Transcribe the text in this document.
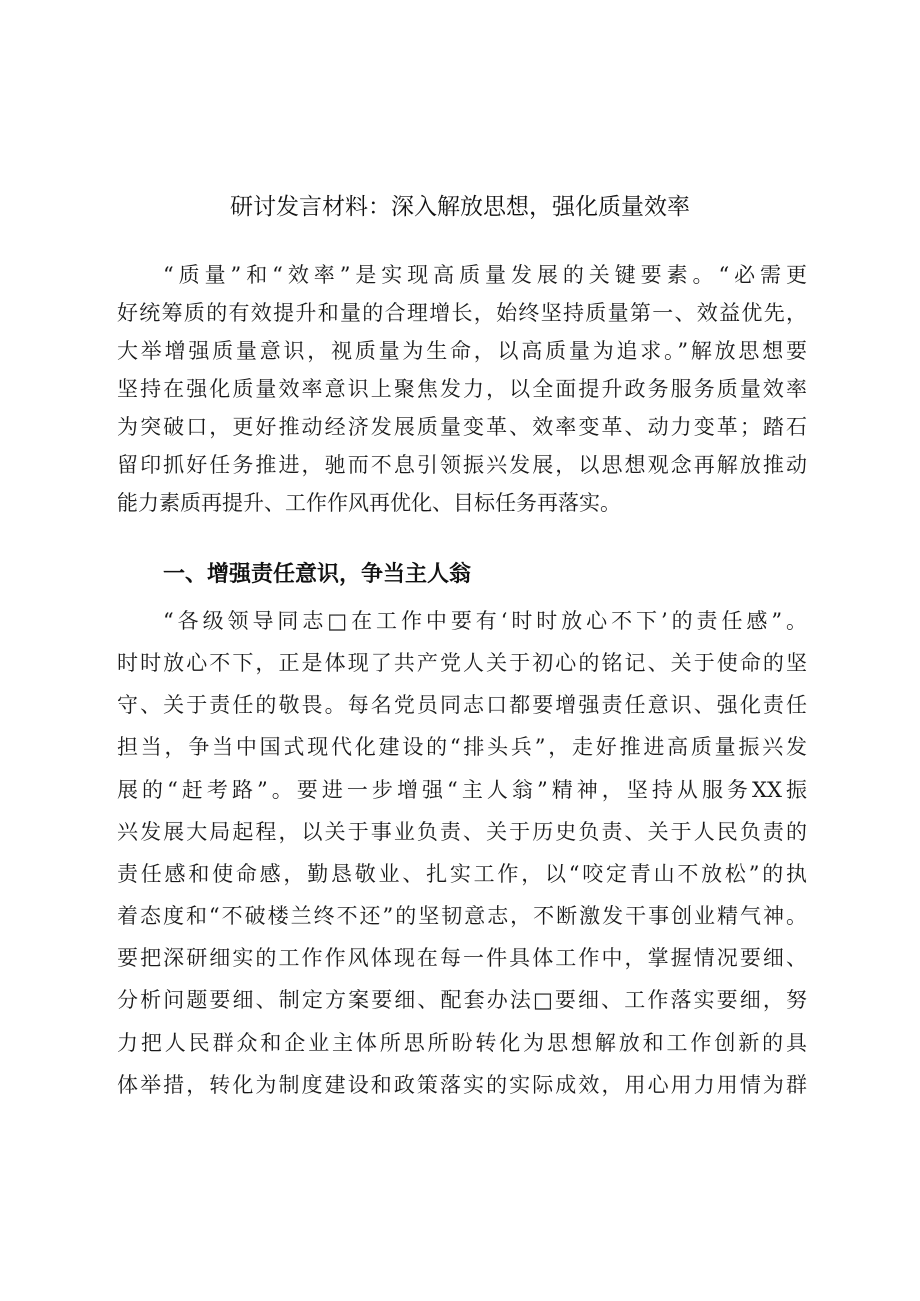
研讨发言材料：深入解放思想，强化质量效率

“质量”和“效率”是实现高质量发展的关键要素。“必需更

好统筹质的有效提升和量的合理增长，始终坚持质量第一、效益优先，

大举增强质量意识，视质量为生命，以高质量为追求。”解放思想要

坚持在强化质量效率意识上聚焦发力，以全面提升政务服务质量效率

为突破口，更好推动经济发展质量变革、效率变革、动力变革；踏石

留印抓好任务推进，驰而不息引领振兴发展，以思想观念再解放推动

能力素质再提升、工作作风再优化、目标任务再落实。

一、增强责任意识，争当主人翁

“各级领导同志□在工作中要有‘时时放心不下’的责任感”。

时时放心不下，正是体现了共产党人关于初心的铭记、关于使命的坚

守、关于责任的敬畏。每名党员同志口都要增强责任意识、强化责任

担当，争当中国式现代化建设的“排头兵”，走好推进高质量振兴发

展的“赶考路”。要进一步增强“主人翁”精神，坚持从服务XX振

兴发展大局起程，以关于事业负责、关于历史负责、关于人民负责的

责任感和使命感，勤恳敬业、扎实工作，以“咬定青山不放松”的执

着态度和“不破楼兰终不还”的坚韧意志，不断激发干事创业精气神。

要把深研细实的工作作风体现在每一件具体工作中，掌握情况要细、

分析问题要细、制定方案要细、配套办法□要细、工作落实要细，努

力把人民群众和企业主体所思所盼转化为思想解放和工作创新的具

体举措，转化为制度建设和政策落实的实际成效，用心用力用情为群
